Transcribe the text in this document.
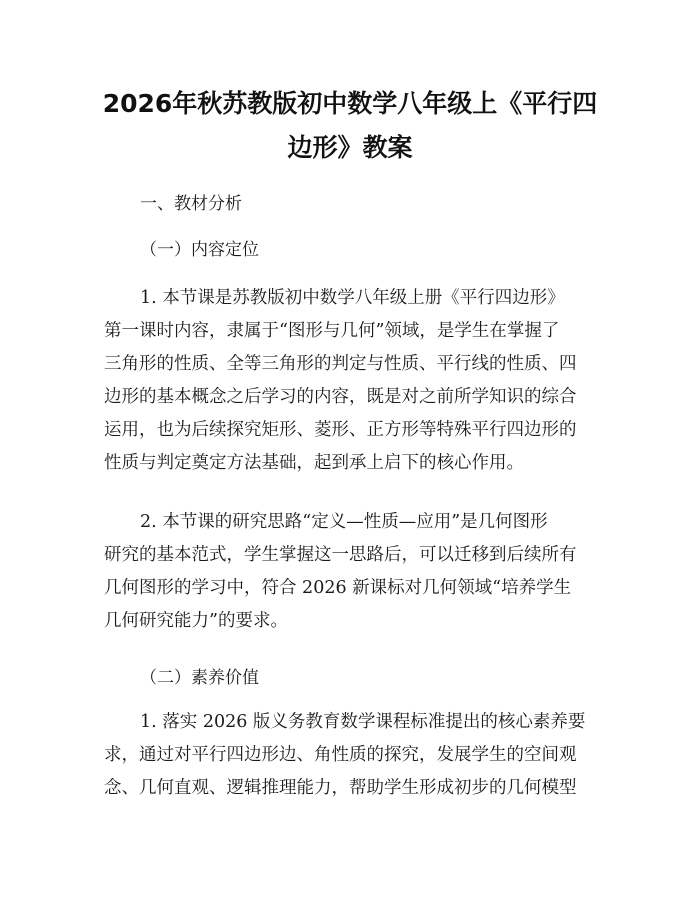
2026年秋苏教版初中数学八年级上《平行四
边形》教案
一、教材分析
（一）内容定位
1. 本节课是苏教版初中数学八年级上册《平行四边形》
第一课时内容，隶属于“图形与几何”领域，是学生在掌握了
三角形的性质、全等三角形的判定与性质、平行线的性质、四
边形的基本概念之后学习的内容，既是对之前所学知识的综合
运用，也为后续探究矩形、菱形、正方形等特殊平行四边形的
性质与判定奠定方法基础，起到承上启下的核心作用。
2. 本节课的研究思路“定义—性质—应用”是几何图形
研究的基本范式，学生掌握这一思路后，可以迁移到后续所有
几何图形的学习中，符合 2026 新课标对几何领域“培养学生
几何研究能力”的要求。
（二）素养价值
1. 落实 2026 版义务教育数学课程标准提出的核心素养要
求，通过对平行四边形边、角性质的探究，发展学生的空间观
念、几何直观、逻辑推理能力，帮助学生形成初步的几何模型
